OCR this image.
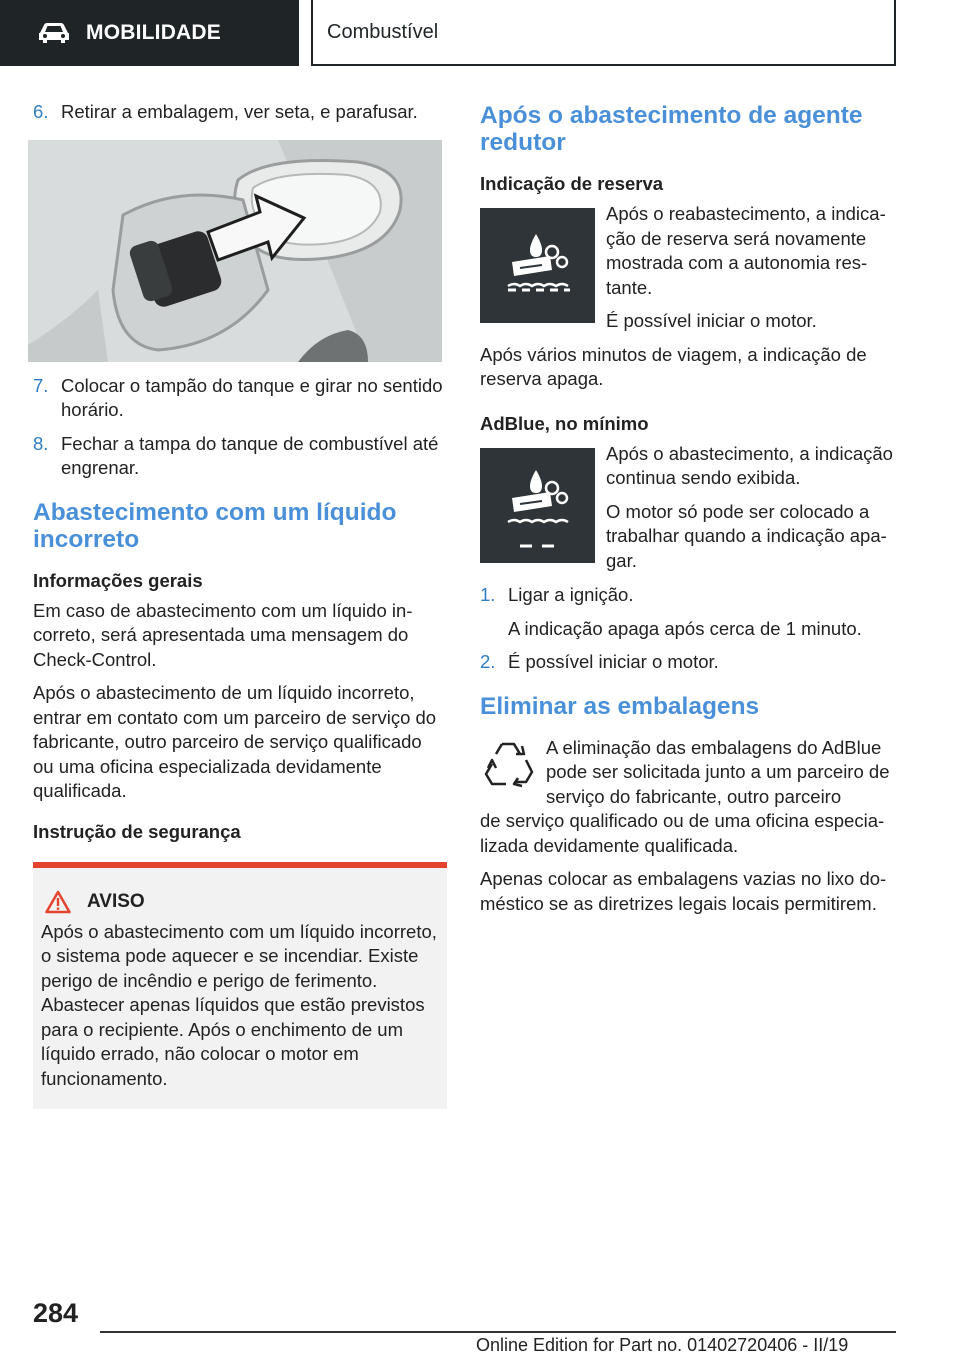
MOBILIDADE	Combustível
6. Retirar a embalagem, ver seta, e parafusar.
7. Colocar o tampão do tanque e girar no sentido horário.
8. Fechar a tampa do tanque de combustível até engrenar.
Abastecimento com um líquido incorreto
Informações gerais

Em caso de abastecimento com um líquido incorreto, será apresentada uma mensagem do Check-Control.

Após o abastecimento de um líquido incorreto, entrar em contato com um parceiro de serviço do fabricante, outro parceiro de serviço qualificado ou uma oficina especializada devidamente qualificada.

Instrução de segurança
AVISO

Após o abastecimento com um líquido incorreto, o sistema pode aquecer e se incendiar. Existe perigo de incêndio e perigo de ferimento. Abastecer apenas líquidos que estão previstos para o recipiente. Após o enchimento de um líquido errado, não colocar o motor em funcionamento.

Após o abastecimento de agente redutor
Indicação de reserva

Após o reabastecimento, a indicação de reserva será novamente mostrada com a autonomia restante.

É possível iniciar o motor.

Após vários minutos de viagem, a indicação de reserva apaga.

AdBlue, no mínimo

Após o abastecimento, a indicação continua sendo exibida.

O motor só pode ser colocado a trabalhar quando a indicação apagar.

1. Ligar a ignição.

A indicação apaga após cerca de 1 minuto.

2. É possível iniciar o motor.
Eliminar as embalagens

A eliminação das embalagens do AdBlue pode ser solicitada junto a um parceiro de serviço do fabricante, outro parceiro
de serviço qualificado ou de uma oficina especializada devidamente qualificada.

Apenas colocar as embalagens vazias no lixo doméstico se as diretrizes legais locais permitirem.

284
Online Edition for Part no. 01402720406 - II/19
